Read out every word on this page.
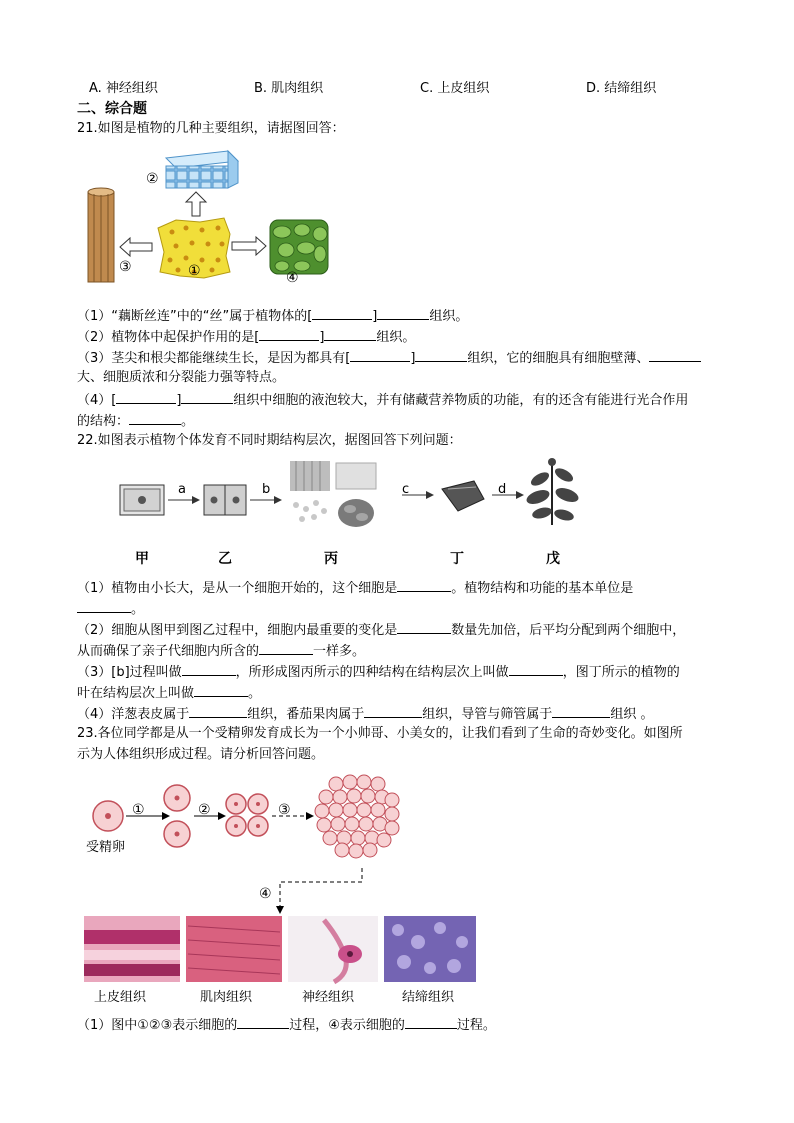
A. 神经组织	B. 肌肉组织	C. 上皮组织	D. 结缔组织
二、综合题
21.如图是植物的几种主要组织，请据图回答：
②
③	①	④
（1）“藕断丝连”中的“丝”属于植物体的[	]	组织。
（2）植物体中起保护作用的是[	]	组织。
（3）茎尖和根尖都能继续生长，是因为都具有[	]	组织，它的细胞具有细胞壁薄、
大、细胞质浓和分裂能力强等特点。
（4）[	]	组织中细胞的液泡较大，并有储藏营养物质的功能，有的还含有能进行光合作用
的结构：	。
22.如图表示植物个体发育不同时期结构层次，据图回答下列问题：
a	b	c	d
甲	乙	丙	丁	戊
（1）植物由小长大，是从一个细胞开始的，这个细胞是	。植物结构和功能的基本单位是
。
（2）细胞从图甲到图乙过程中，细胞内最重要的变化是	数量先加倍，后平均分配到两个细胞中，
从而确保了亲子代细胞内所含的	一样多。
（3）[b]过程叫做	，所形成图丙所示的四种结构在结构层次上叫做	，图丁所示的植物的
叶在结构层次上叫做	。
（4）洋葱表皮属于	组织，番茄果肉属于	组织，导管与筛管属于	组织 。
23.各位同学都是从一个受精卵发育成长为一个小帅哥、小美女的，让我们看到了生命的奇妙变化。如图所
示为人体组织形成过程。请分析回答问题。
①	②	③
④
受精卵
上皮组织	肌肉组织	神经组织	结缔组织
（1）图中①②③表示细胞的	过程，④表示细胞的	过程。
